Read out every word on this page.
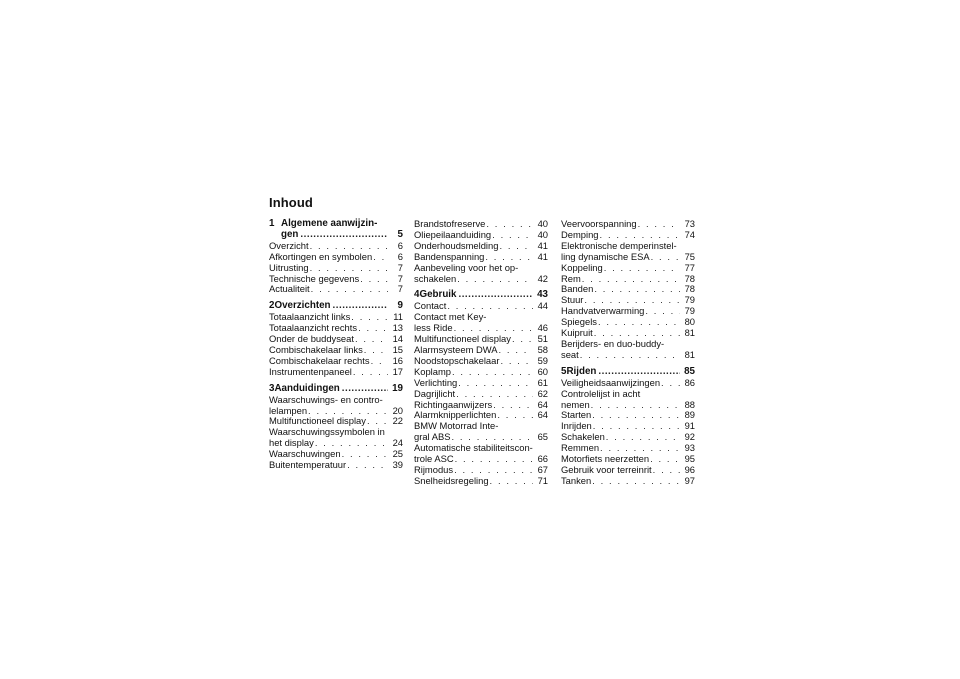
Inhoud
1 Algemene aanwijzin-
gen .....	5
Overzicht . . .	6
Afkortingen en symbolen . . .	6
Uitrusting . . .	7
Technische gegevens . . .	7
Actualiteit . . .	7
2 Overzichten .....	9
Totaalaanzicht links . . .	11
Totaalaanzicht rechts . . .	13
Onder de buddyseat . . .	14
Combischakelaar links . . .	15
Combischakelaar rechts . . . 16
Instrumentenpaneel . . .	17
3 Aanduidingen .....	19
Waarschuwings- en contro-
lelampen . . .	20
Multifunctioneel display . . .	22
Waarschuwingssymbolen in
het display . . .	24
Waarschuwingen . . .	25
Buitentemperatuur . . .	39
Brandstofreserve . . .	40
Oliepeilaanduiding . . .	40
Onderhoudsmelding . . .	41
Bandenspanning . . .	41
Aanbeveling voor het op-
schakelen . . .	42
4 Gebruik .....	43
Contact . . .	44
Contact met Key-
less Ride . . .	46
Multifunctioneel display . . .	51
Alarmsysteem DWA . . .	58
Noodstopschakelaar . . .	59
Koplamp . . .	60
Verlichting . . .	61
Dagrijlicht . . .	62
Richtingaanwijzers . . .	64
Alarmknipperlichten . . .	64
BMW Motorrad Inte-
gral ABS . . .	65
Automatische stabiliteitscon-
trole ASC . . .	66
Rijmodus . . .	67
Snelheidsregeling . . .	71
Veervoorspanning . . .	73
Demping . . .	74
Elektronische demperinstel-
ling dynamische ESA . . .	75
Koppeling . . .	77
Rem . . .	78
Banden . . .	78
Stuur . . .	79
Handvatverwarming . . .	79
Spiegels . . .	80
Kuipruit . . .	81
Berijders- en duo-buddy-
seat . . .	81
5 Rijden .....	85
Veiligheidsaanwijzingen . . .	86
Controlelijst in acht
nemen . . .	88
Starten . . .	89
Inrijden . . .	91
Schakelen . . .	92
Remmen . . .	93
Motorfiets neerzetten . . .	95
Gebruik voor terreinrit . . .	96
Tanken . . .	97
